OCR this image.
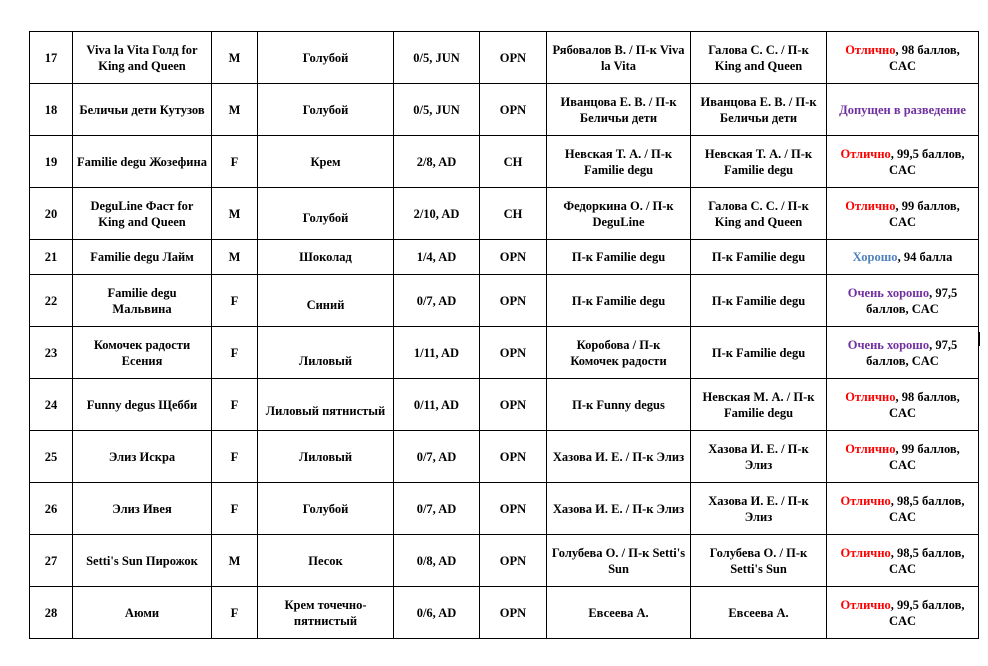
17	Viva la Vita Голд for King and Queen	M	Голубой	0/5, JUN	OPN	Рябовалов В. / П-к Viva la Vita	Галова С. С. / П-к King and Queen	Отлично, 98 баллов, CAC
18	Беличьи дети Кутузов	M	Голубой	0/5, JUN	OPN	Иванцова Е. В. / П-к Беличьи дети	Иванцова Е. В. / П-к Беличьи дети	Допущен в разведение
19	Familie degu Жозефина	F	Крем	2/8, AD	CH	Невская Т. А. / П-к Familie degu	Невская Т. А. / П-к Familie degu	Отлично, 99,5 баллов, CAC
20	DeguLine Фаст for King and Queen	M	Голубой	2/10, AD	CH	Федоркина О. / П-к DeguLine	Галова С. С. / П-к King and Queen	Отлично, 99 баллов, CAC
21	Familie degu Лайм	M	Шоколад	1/4, AD	OPN	П-к Familie degu	П-к Familie degu	Хорошо, 94 балла
22	Familie degu Мальвина	F	Синий	0/7, AD	OPN	П-к Familie degu	П-к Familie degu	Очень хорошо, 97,5 баллов, CAC
23	Комочек радости Есения	F	Лиловый	1/11, AD	OPN	Коробова / П-к Комочек радости	П-к Familie degu	Очень хорошо, 97,5 баллов, CAC
24	Funny degus Щебби	F	Лиловый пятнистый	0/11, AD	OPN	П-к Funny degus	Невская М. А. / П-к Familie degu	Отлично, 98 баллов, CAC
25	Элиз Искра	F	Лиловый	0/7, AD	OPN	Хазова И. Е. / П-к Элиз	Хазова И. Е. / П-к Элиз	Отлично, 99 баллов, CAC
26	Элиз Ивея	F	Голубой	0/7, AD	OPN	Хазова И. Е. / П-к Элиз	Хазова И. Е. / П-к Элиз	Отлично, 98,5 баллов, CAC
27	Setti's Sun Пирожок	M	Песок	0/8, AD	OPN	Голубева О. / П-к Setti's Sun	Голубева О. / П-к Setti's Sun	Отлично, 98,5 баллов, CAC
28	Аюми	F	Крем точечно-пятнистый	0/6, AD	OPN	Евсеева А.	Евсеева А.	Отлично, 99,5 баллов, CAC
